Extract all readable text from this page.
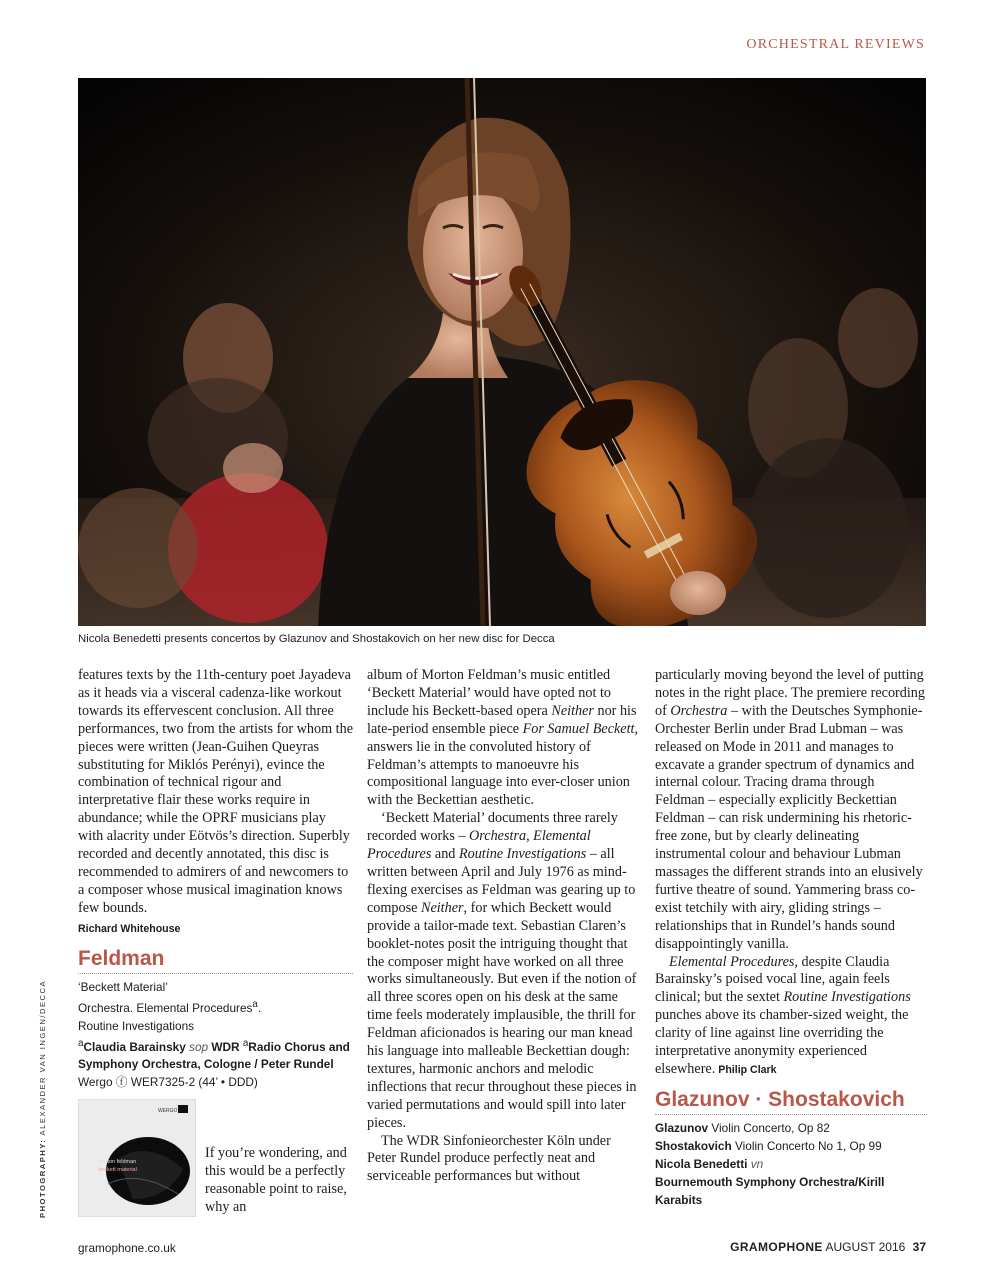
ORCHESTRAL REVIEWS
Nicola Benedetti presents concertos by Glazunov and Shostakovich on her new disc for Decca

features texts by the 11th-century poet Jayadeva as it heads via a visceral cadenza-like workout towards its effervescent conclusion. All three performances, two from the artists for whom the pieces were written (Jean-Guihen Queyras substituting for Miklós Perényi), evince the combination of technical rigour and interpretative flair these works require in abundance; while the OPRF musicians play with alacrity under Eötvös’s direction. Superbly recorded and decently annotated, this disc is recommended to admirers of and newcomers to a composer whose musical imagination knows few bounds.

Richard Whitehouse
Feldman
‘Beckett Material’
Orchestra. Elemental Procedures$^a$.
Routine Investigations
$^a$Claudia Barainsky sop WDR $^a$Radio Chorus and
Symphony Orchestra, Cologne / Peter Rundel
Wergo ⓕ WER7325-2 (44’ • DDD)
WERGO
morton feldman
beckett material
If you’re wondering, and this would be a perfectly reasonable point to raise, why an

album of Morton Feldman’s music entitled ‘Beckett Material’ would have opted not to include his Beckett-based opera Neither nor his late-period ensemble piece For Samuel Beckett, answers lie in the convoluted history of Feldman’s attempts to manoeuvre his compositional language into ever-closer union with the Beckettian aesthetic.

‘Beckett Material’ documents three rarely recorded works – Orchestra, Elemental Procedures and Routine Investigations – all written between April and July 1976 as mind-flexing exercises as Feldman was gearing up to compose Neither, for which Beckett would provide a tailor-made text. Sebastian Claren’s booklet-notes posit the intriguing thought that the composer might have worked on all three works simultaneously. But even if the notion of all three scores open on his desk at the same time feels moderately implausible, the thrill for Feldman aficionados is hearing our man knead his language into malleable Beckettian dough: textures, harmonic anchors and melodic inflections that recur throughout these pieces in varied permutations and would spill into later pieces.

The WDR Sinfonieorchester Köln under Peter Rundel produce perfectly neat and serviceable performances but without

particularly moving beyond the level of putting notes in the right place. The premiere recording of Orchestra – with the Deutsches Symphonie-Orchester Berlin under Brad Lubman – was released on Mode in 2011 and manages to excavate a grander spectrum of dynamics and internal colour. Tracing drama through Feldman – especially explicitly Beckettian Feldman – can risk undermining his rhetoric-free zone, but by clearly delineating instrumental colour and behaviour Lubman massages the different strands into an elusively furtive theatre of sound. Yammering brass co-exist tetchily with airy, gliding strings – relationships that in Rundel’s hands sound disappointingly vanilla.

Elemental Procedures, despite Claudia Barainsky’s poised vocal line, again feels clinical; but the sextet Routine Investigations punches above its chamber-sized weight, the clarity of line against line overriding the interpretative anonymity experienced elsewhere. Philip Clark

Glazunov · Shostakovich
Glazunov Violin Concerto, Op 82
Shostakovich Violin Concerto No 1, Op 99
Nicola Benedetti vn
Bournemouth Symphony Orchestra/Kirill Karabits
PHOTOGRAPHY: ALEXANDER VAN INGEN/DECCA
gramophone.co.uk	GRAMOPHONE AUGUST 2016 37
